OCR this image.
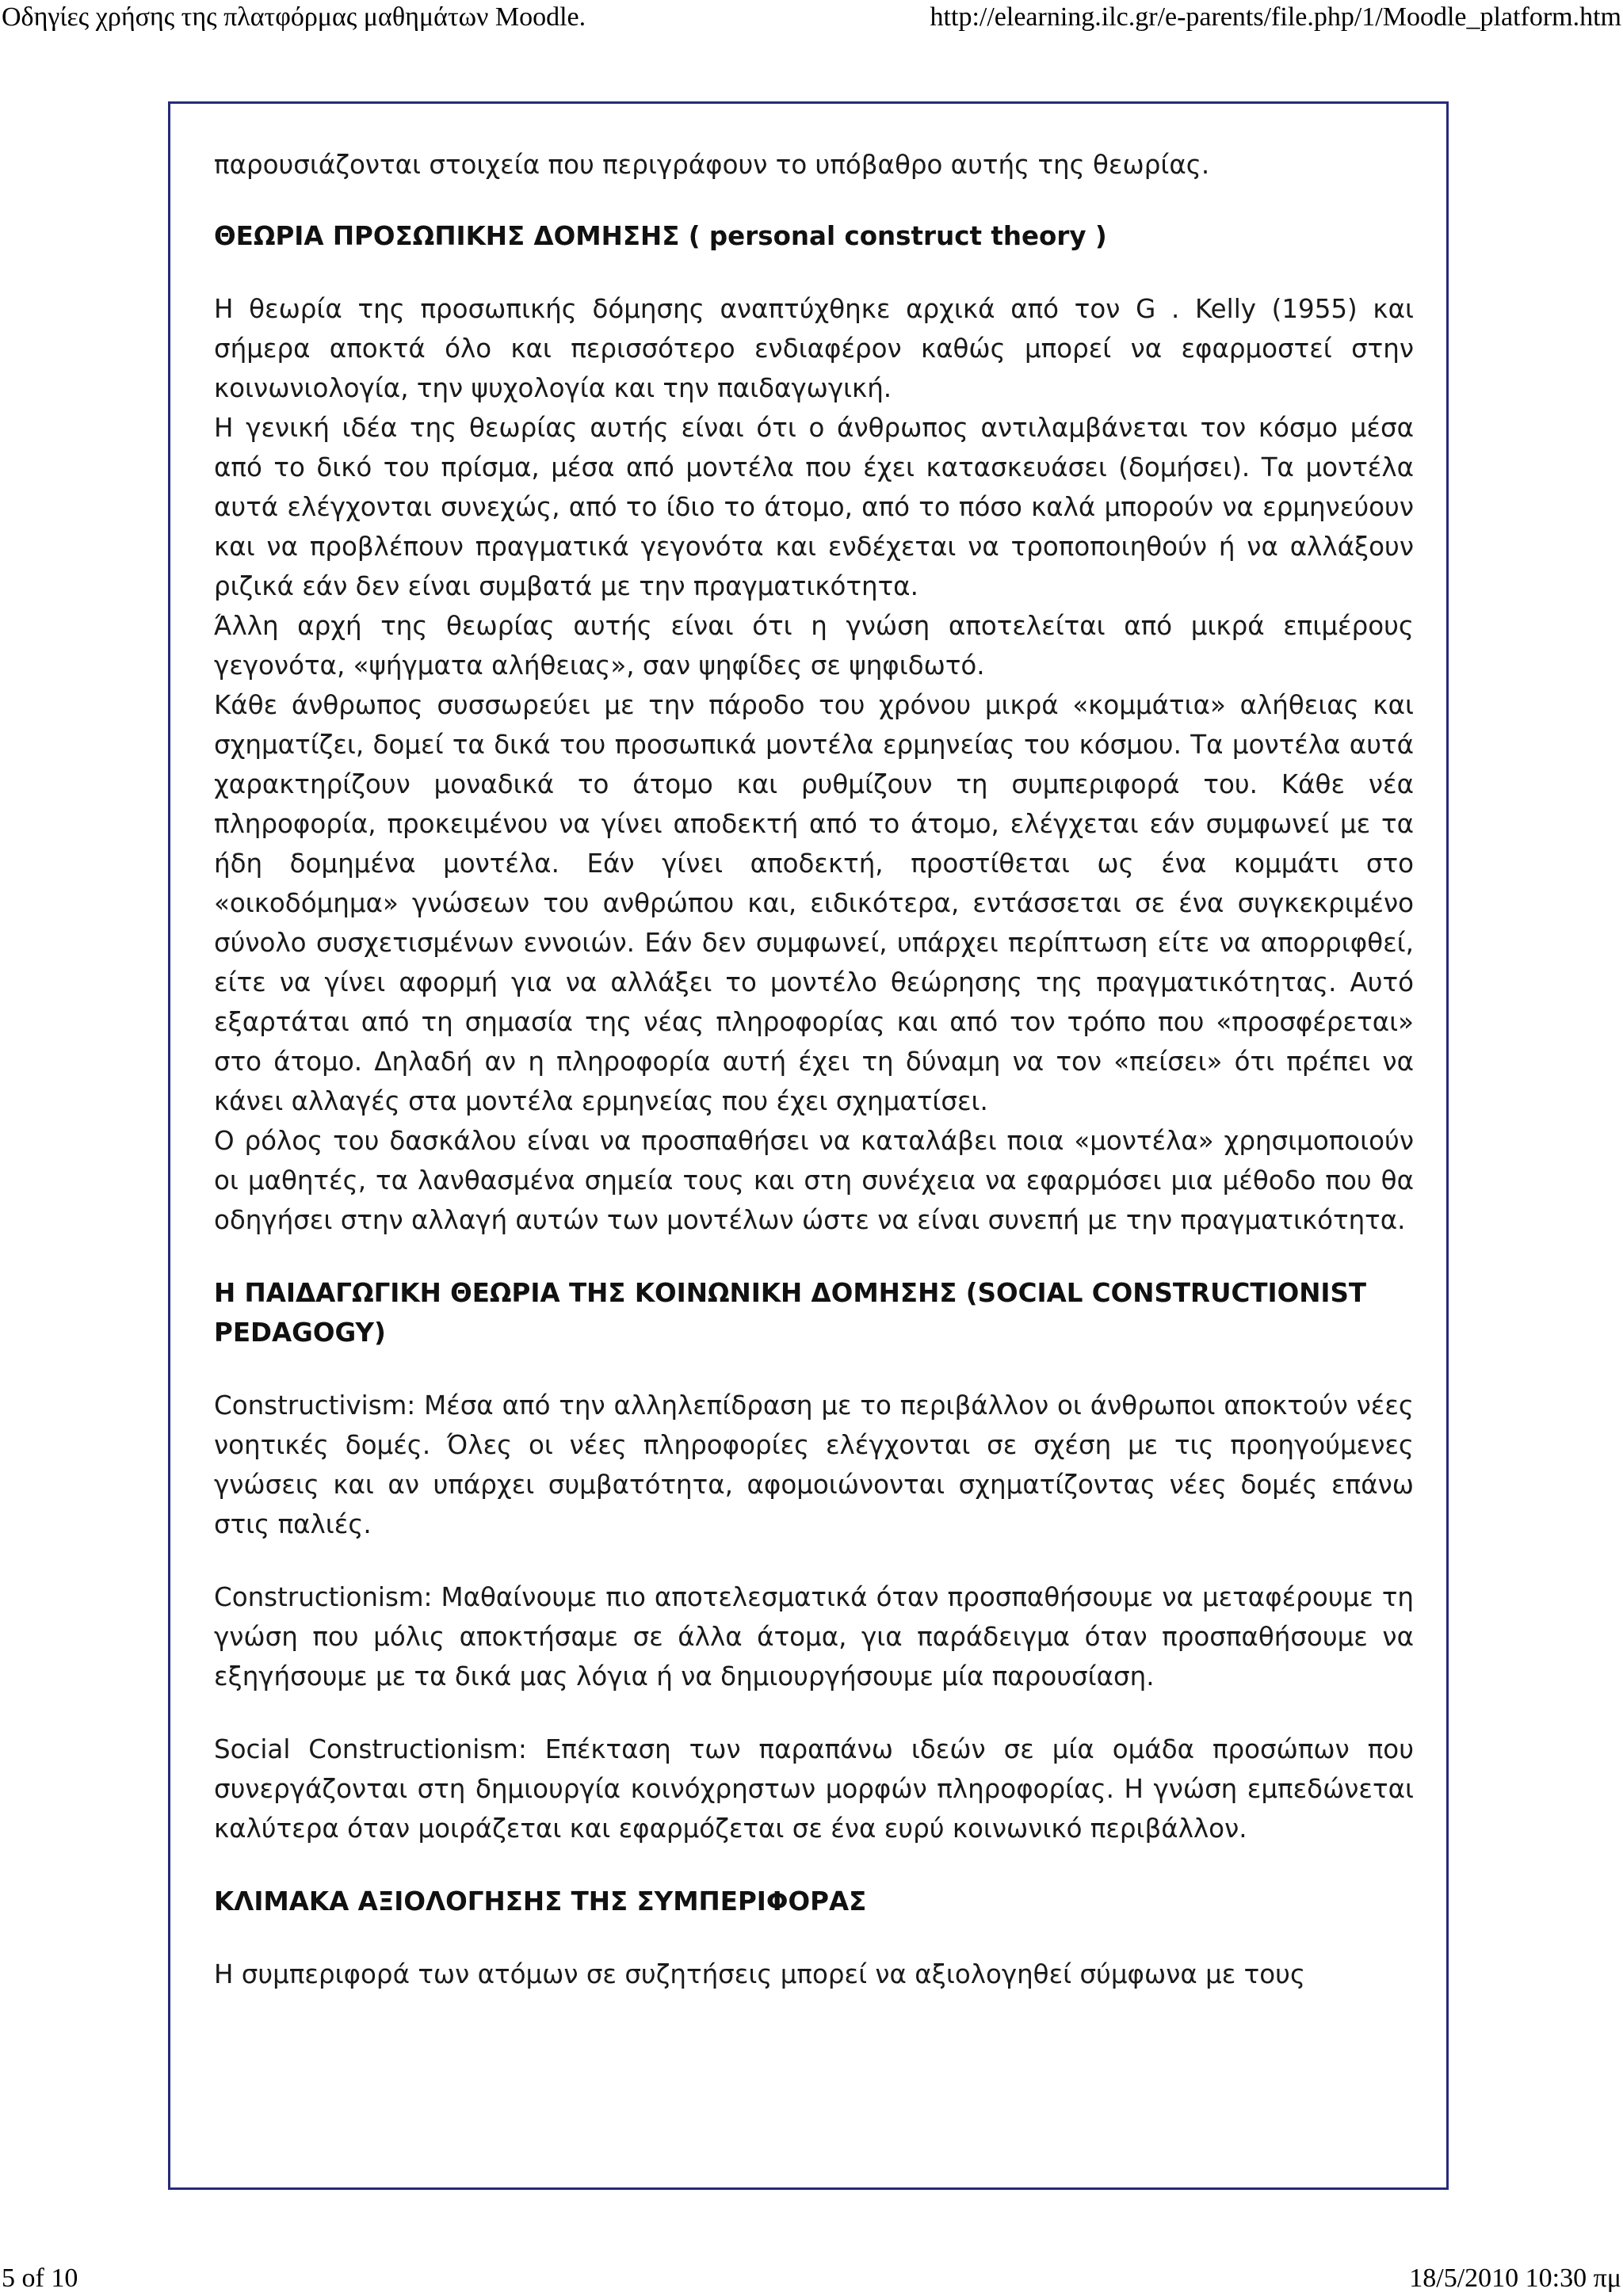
Οδηγίες χρήσης της πλατφόρμας μαθημάτων Moodle.	http://elearning.ilc.gr/e-parents/file.php/1/Moodle_platform.htm

παρουσιάζονται στοιχεία που περιγράφουν το υπόβαθρο αυτής της θεωρίας.

ΘΕΩΡΙΑ ΠΡΟΣΩΠΙΚΗΣ ΔΟΜΗΣΗΣ ( personal construct theory )

Η θεωρία της προσωπικής δόμησης αναπτύχθηκε αρχικά από τον G . Kelly (1955) και σήμερα αποκτά όλο και περισσότερο ενδιαφέρον καθώς μπορεί να εφαρμοστεί στην κοινωνιολογία, την ψυχολογία και την παιδαγωγική.

Η γενική ιδέα της θεωρίας αυτής είναι ότι ο άνθρωπος αντιλαμβάνεται τον κόσμο μέσα από το δικό του πρίσμα, μέσα από μοντέλα που έχει κατασκευάσει (δομήσει). Τα μοντέλα αυτά ελέγχονται συνεχώς, από το ίδιο το άτομο, από το πόσο καλά μπορούν να ερμηνεύουν και να προβλέπουν πραγματικά γεγονότα και ενδέχεται να τροποποιηθούν ή να αλλάξουν ριζικά εάν δεν είναι συμβατά με την πραγματικότητα.

Άλλη αρχή της θεωρίας αυτής είναι ότι η γνώση αποτελείται από μικρά επιμέρους γεγονότα, «ψήγματα αλήθειας», σαν ψηφίδες σε ψηφιδωτό.

Κάθε άνθρωπος συσσωρεύει με την πάροδο του χρόνου μικρά «κομμάτια» αλήθειας και σχηματίζει, δομεί τα δικά του προσωπικά μοντέλα ερμηνείας του κόσμου. Τα μοντέλα αυτά χαρακτηρίζουν μοναδικά το άτομο και ρυθμίζουν τη συμπεριφορά του. Κάθε νέα πληροφορία, προκειμένου να γίνει αποδεκτή από το άτομο, ελέγχεται εάν συμφωνεί με τα ήδη δομημένα μοντέλα. Εάν γίνει αποδεκτή, προστίθεται ως ένα κομμάτι στο «οικοδόμημα» γνώσεων του ανθρώπου και, ειδικότερα, εντάσσεται σε ένα συγκεκριμένο σύνολο συσχετισμένων εννοιών. Εάν δεν συμφωνεί, υπάρχει περίπτωση είτε να απορριφθεί, είτε να γίνει αφορμή για να αλλάξει το μοντέλο θεώρησης της πραγματικότητας. Αυτό εξαρτάται από τη σημασία της νέας πληροφορίας και από τον τρόπο που «προσφέρεται» στο άτομο. Δηλαδή αν η πληροφορία αυτή έχει τη δύναμη να τον «πείσει» ότι πρέπει να κάνει αλλαγές στα μοντέλα ερμηνείας που έχει σχηματίσει.

Ο ρόλος του δασκάλου είναι να προσπαθήσει να καταλάβει ποια «μοντέλα» χρησιμοποιούν οι μαθητές, τα λανθασμένα σημεία τους και στη συνέχεια να εφαρμόσει μια μέθοδο που θα οδηγήσει στην αλλαγή αυτών των μοντέλων ώστε να είναι συνεπή με την πραγματικότητα.

Η ΠΑΙΔΑΓΩΓΙΚΗ ΘΕΩΡΙΑ ΤΗΣ ΚΟΙΝΩΝΙΚΗ ΔΟΜΗΣΗΣ (SOCIAL CONSTRUCTIONIST PEDAGOGY)

Constructivism: Μέσα από την αλληλεπίδραση με το περιβάλλον οι άνθρωποι αποκτούν νέες νοητικές δομές. Όλες οι νέες πληροφορίες ελέγχονται σε σχέση με τις προηγούμενες γνώσεις και αν υπάρχει συμβατότητα, αφομοιώνονται σχηματίζοντας νέες δομές επάνω στις παλιές.

Constructionism: Μαθαίνουμε πιο αποτελεσματικά όταν προσπαθήσουμε να μεταφέρουμε τη γνώση που μόλις αποκτήσαμε σε άλλα άτομα, για παράδειγμα όταν προσπαθήσουμε να εξηγήσουμε με τα δικά μας λόγια ή να δημιουργήσουμε μία παρουσίαση.

Social Constructionism: Επέκταση των παραπάνω ιδεών σε μία ομάδα προσώπων που συνεργάζονται στη δημιουργία κοινόχρηστων μορφών πληροφορίας. Η γνώση εμπεδώνεται καλύτερα όταν μοιράζεται και εφαρμόζεται σε ένα ευρύ κοινωνικό περιβάλλον.

ΚΛΙΜΑΚΑ ΑΞΙΟΛΟΓΗΣΗΣ ΤΗΣ ΣΥΜΠΕΡΙΦΟΡΑΣ

Η συμπεριφορά των ατόμων σε συζητήσεις μπορεί να αξιολογηθεί σύμφωνα με τους

5 of 10	18/5/2010 10:30 πμ
